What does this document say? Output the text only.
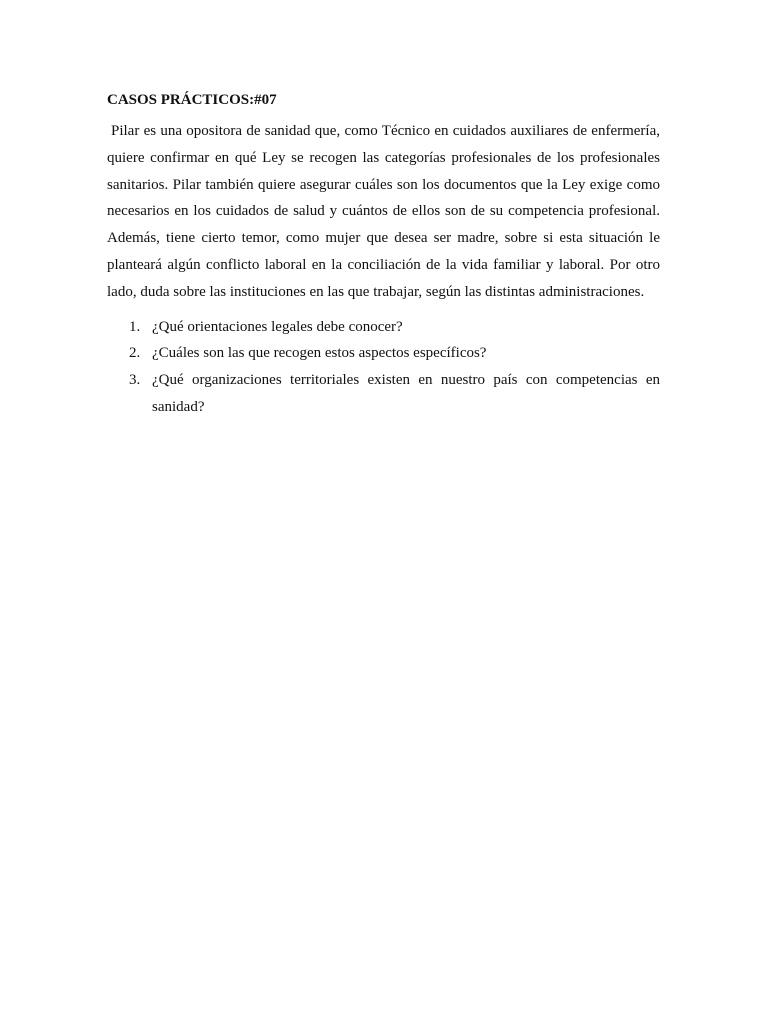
CASOS PRÁCTICOS:#07

Pilar es una opositora de sanidad que, como Técnico en cuidados auxiliares de enfermería, quiere confirmar en qué Ley se recogen las categorías profesionales de los profesionales sanitarios. Pilar también quiere asegurar cuáles son los documentos que la Ley exige como necesarios en los cuidados de salud y cuántos de ellos son de su competencia profesional. Además, tiene cierto temor, como mujer que desea ser madre, sobre si esta situación le planteará algún conflicto laboral en la conciliación de la vida familiar y laboral. Por otro lado, duda sobre las instituciones en las que trabajar, según las distintas administraciones.

1. ¿Qué orientaciones legales debe conocer?
2. ¿Cuáles son las que recogen estos aspectos específicos?
3. ¿Qué organizaciones territoriales existen en nuestro país con competencias en sanidad?
